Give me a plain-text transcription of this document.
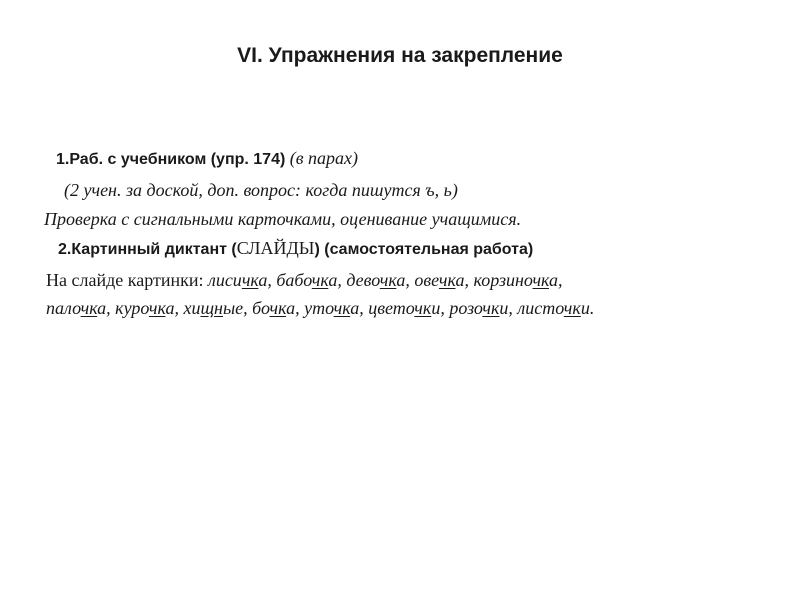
VI. Упражнения на закрепление
1.Раб. с учебником (упр. 174) (в парах)
(2 учен. за доской, доп. вопрос: когда пишутся ъ, ь)
Проверка с сигнальными карточками, оценивание учащимися.
2.Картинный диктант (СЛАЙДЫ) (самостоятельная работа)
На слайде картинки: лисичка, бабочка, девочка, овечка, корзиночка,
палочка, курочка, хищные, бочка, уточка, цветочки, розочки, листочки.
